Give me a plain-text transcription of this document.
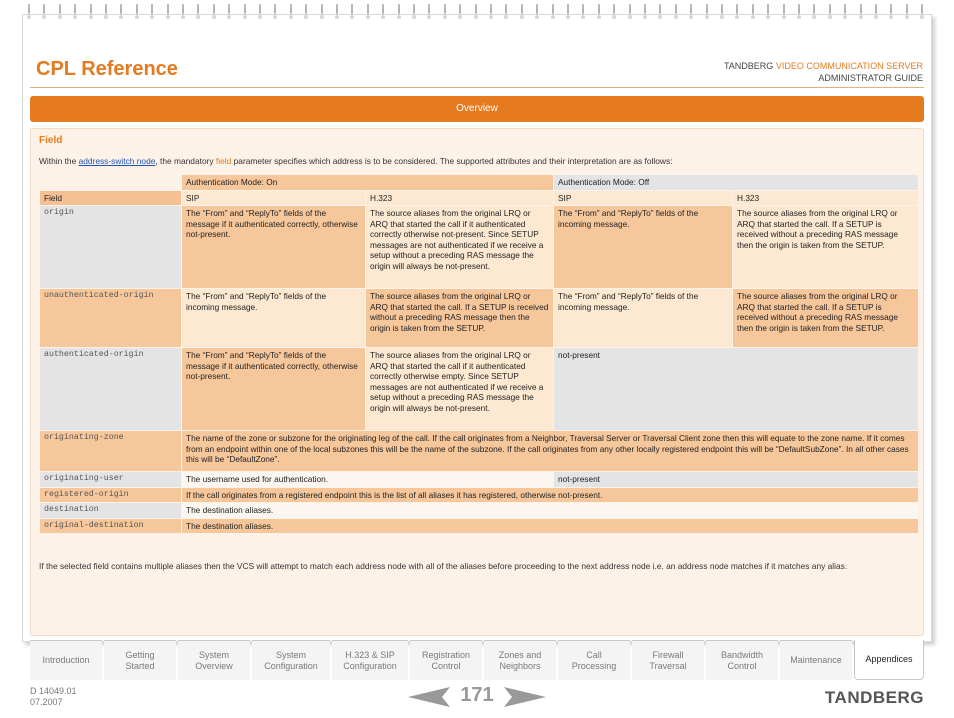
CPL Reference	TANDBERG VIDEO COMMUNICATION SERVER
ADMINISTRATOR GUIDE
Overview
Field
Within the address-switch node, the mandatory field parameter specifies which address is to be considered. The supported attributes and their interpretation are as follows:
	Authentication Mode: On		Authentication Mode: Off	
Field	SIP	H.323	SIP	H.323
origin	The “From” and “ReplyTo” fields of the message if it authenticated correctly, otherwise not-present.	The source aliases from the original LRQ or ARQ that started the call if it authenticated correctly otherwise not-present. Since SETUP messages are not authenticated if we receive a setup without a preceding RAS message the origin will always be not-present.	The “From” and “ReplyTo” fields of the incoming message.	The source aliases from the original LRQ or ARQ that started the call. If a SETUP is received without a preceding RAS message then the origin is taken from the SETUP.
unauthenticated-origin	The “From” and “ReplyTo” fields of the incoming message.	The source aliases from the original LRQ or ARQ that started the call. If a SETUP is received without a preceding RAS message then the origin is taken from the SETUP.	The “From” and “ReplyTo” fields of the incoming message.	The source aliases from the original LRQ or ARQ that started the call. If a SETUP is received without a preceding RAS message then the origin is taken from the SETUP.
authenticated-origin	The “From” and “ReplyTo” fields of the message if it authenticated correctly, otherwise not-present.	The source aliases from the original LRQ or ARQ that started the call if it authenticated correctly otherwise empty. Since SETUP messages are not authenticated if we receive a setup without a preceding RAS message the origin will always be not-present.	not-present	
originating-zone	The name of the zone or subzone for the originating leg of the call. If the call originates from a Neighbor, Traversal Server or Traversal Client zone then this will equate to the zone name. If it comes from an endpoint within one of the local subzones this will be the name of the subzone. If the call originates from any other locally registered endpoint this will be “DefaultSubZone”. In all other cases this will be “DefaultZone”.			
originating-user	The username used for authentication.		not-present	
registered-origin	If the call originates from a registered endpoint this is the list of all aliases it has registered, otherwise not-present.			
destination	The destination aliases.			
original-destination	The destination aliases.			
If the selected field contains multiple aliases then the VCS will attempt to match each address node with all of the aliases before proceeding to the next address node i.e. an address node matches if it matches any alias.
Introduction
Getting Started
System Overview
System Configuration
H.323 & SIP Configuration
Registration Control
Zones and Neighbors
Call Processing
Firewall Traversal
Bandwidth Control
Maintenance	Appendices
D 14049.01
07.2007	171	TANDBERG
